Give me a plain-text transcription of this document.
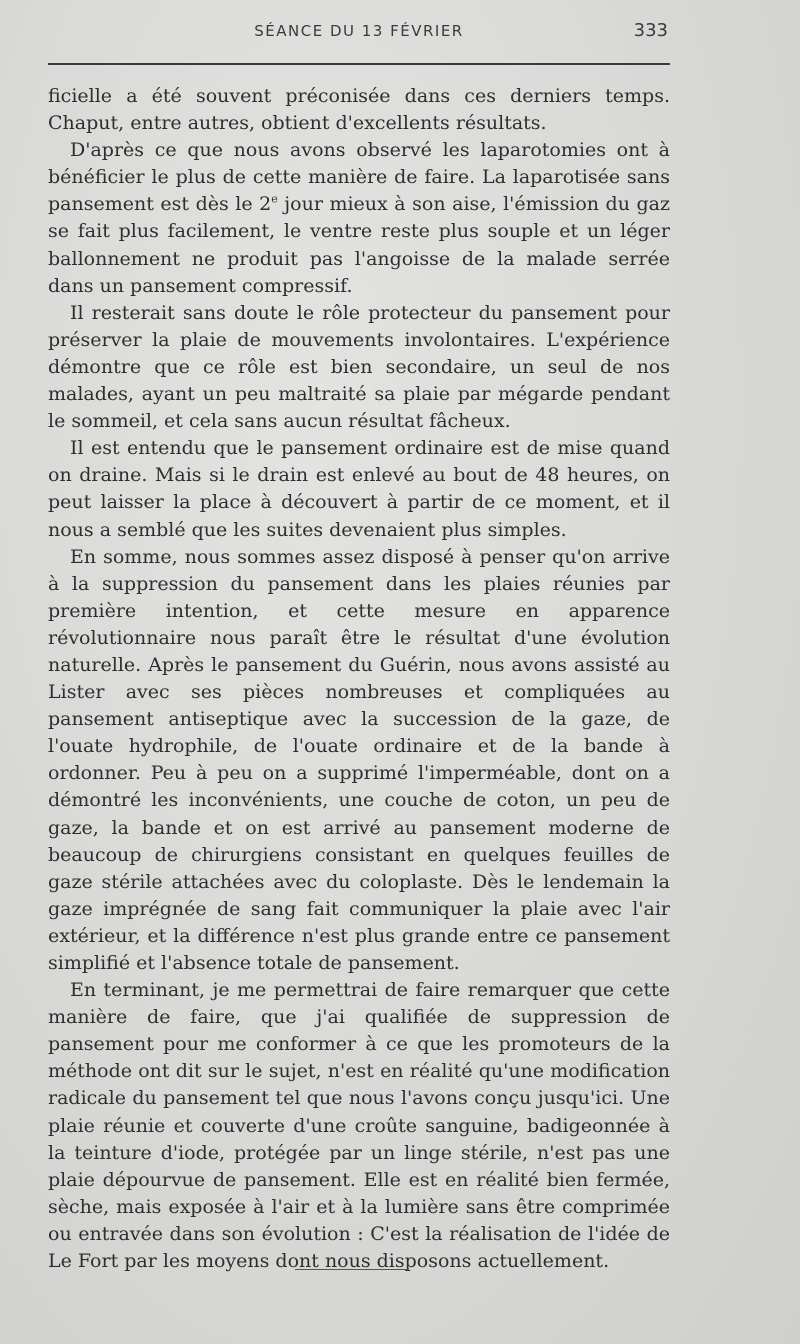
SÉANCE DU 13 FÉVRIER	333

ficielle a été souvent préconisée dans ces derniers temps. Chaput, entre autres, obtient d'excellents résultats.

D'après ce que nous avons observé les laparotomies ont à bénéficier le plus de cette manière de faire. La laparotisée sans pansement est dès le 2e jour mieux à son aise, l'émission du gaz se fait plus facilement, le ventre reste plus souple et un léger ballonnement ne produit pas l'angoisse de la malade serrée dans un pansement compressif.

Il resterait sans doute le rôle protecteur du pansement pour préserver la plaie de mouvements involontaires. L'expérience démontre que ce rôle est bien secondaire, un seul de nos malades, ayant un peu maltraité sa plaie par mégarde pendant le sommeil, et cela sans aucun résultat fâcheux.

Il est entendu que le pansement ordinaire est de mise quand on draine. Mais si le drain est enlevé au bout de 48 heures, on peut laisser la place à découvert à partir de ce moment, et il nous a semblé que les suites devenaient plus simples.

En somme, nous sommes assez disposé à penser qu'on arrive à la suppression du pansement dans les plaies réunies par première intention, et cette mesure en apparence révolutionnaire nous paraît être le résultat d'une évolution naturelle. Après le pansement du Guérin, nous avons assisté au Lister avec ses pièces nombreuses et compliquées au pansement antiseptique avec la succession de la gaze, de l'ouate hydrophile, de l'ouate ordinaire et de la bande à ordonner. Peu à peu on a supprimé l'imperméable, dont on a démontré les inconvénients, une couche de coton, un peu de gaze, la bande et on est arrivé au pansement moderne de beaucoup de chirurgiens consistant en quelques feuilles de gaze stérile attachées avec du coloplaste. Dès le lendemain la gaze imprégnée de sang fait communiquer la plaie avec l'air extérieur, et la différence n'est plus grande entre ce pansement simplifié et l'absence totale de pansement.

En terminant, je me permettrai de faire remarquer que cette manière de faire, que j'ai qualifiée de suppression de pansement pour me conformer à ce que les promoteurs de la méthode ont dit sur le sujet, n'est en réalité qu'une modification radicale du pansement tel que nous l'avons conçu jusqu'ici. Une plaie réunie et couverte d'une croûte sanguine, badigeonnée à la teinture d'iode, protégée par un linge stérile, n'est pas une plaie dépourvue de pansement. Elle est en réalité bien fermée, sèche, mais exposée à l'air et à la lumière sans être comprimée ou entravée dans son évolution : C'est la réalisation de l'idée de Le Fort par les moyens dont nous disposons actuellement.
